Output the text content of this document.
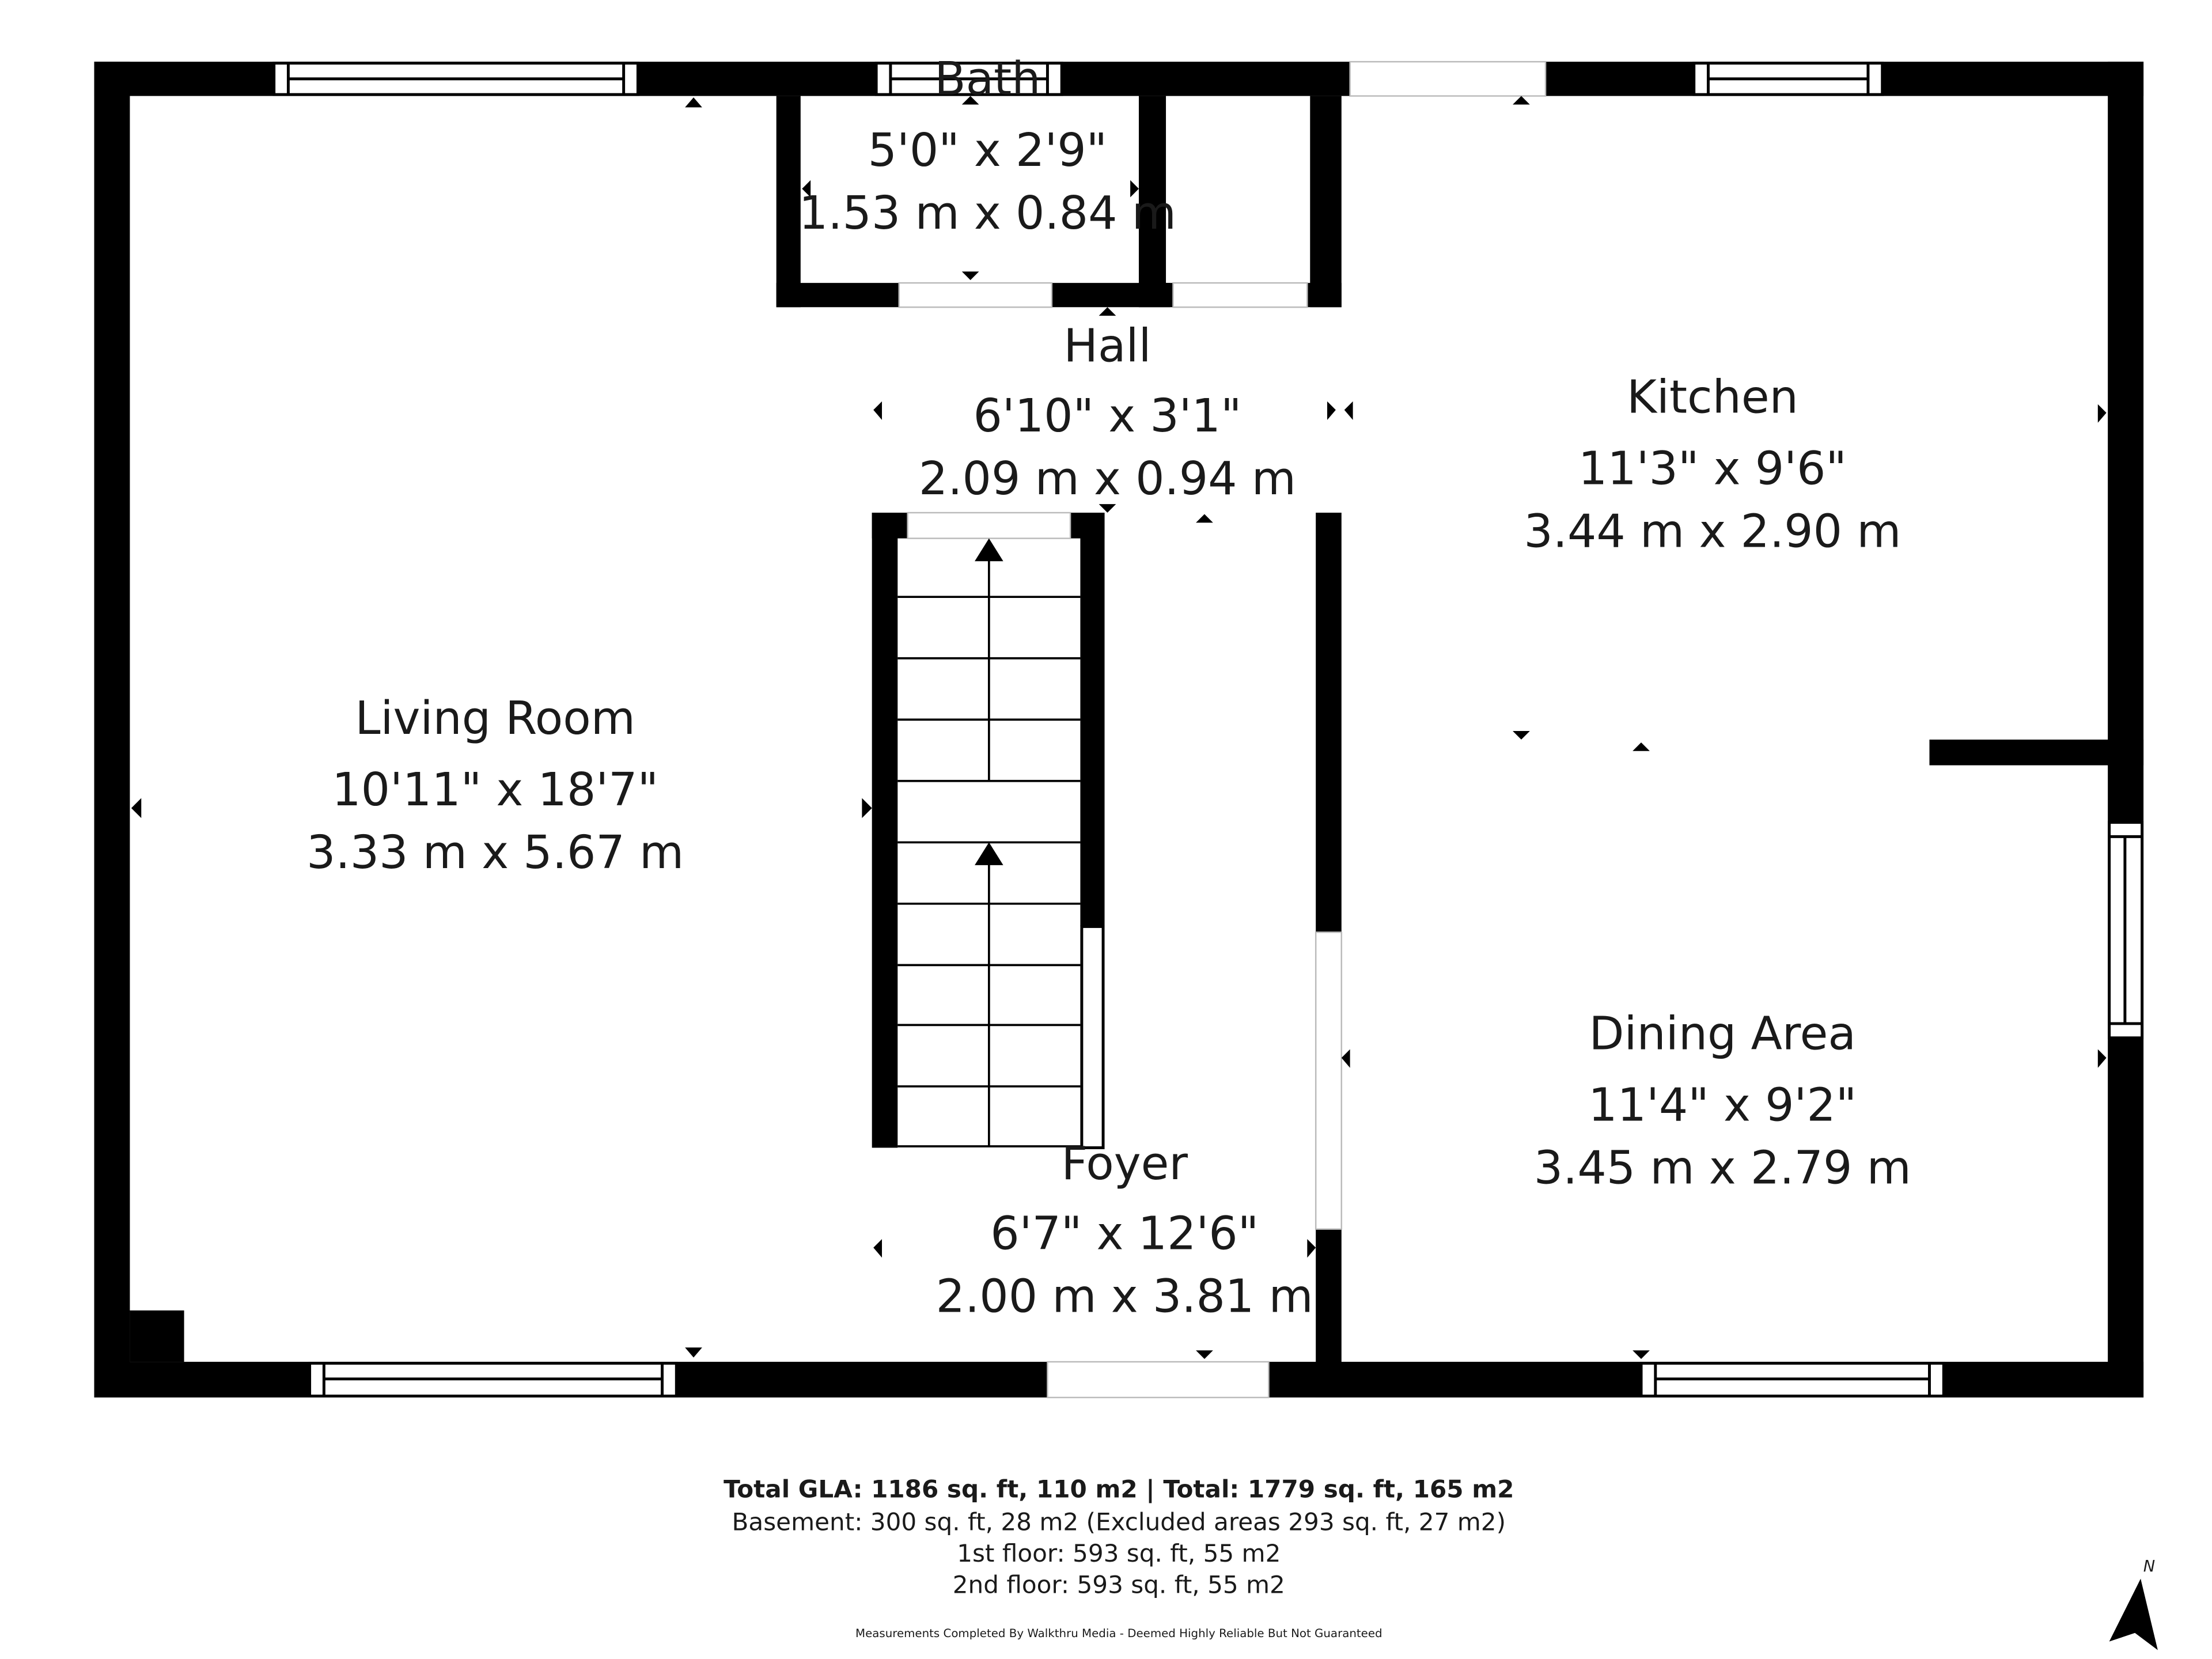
Bath
5'0" x 2'9"
1.53 m x 0.84 m
Hall
6'10" x 3'1"
2.09 m x 0.94 m
Kitchen
11'3" x 9'6"
3.44 m x 2.90 m
Living Room
10'11" x 18'7"
3.33 m x 5.67 m
Dining Area
11'4" x 9'2"
3.45 m x 2.79 m
Foyer
6'7" x 12'6"
2.00 m x 3.81 m
Total GLA: 1186 sq. ft, 110 m2 | Total: 1779 sq. ft, 165 m2
Basement: 300 sq. ft, 28 m2 (Excluded areas 293 sq. ft, 27 m2)
1st floor: 593 sq. ft, 55 m2
2nd floor: 593 sq. ft, 55 m2
Measurements Completed By Walkthru Media - Deemed Highly Reliable But Not Guaranteed
N
